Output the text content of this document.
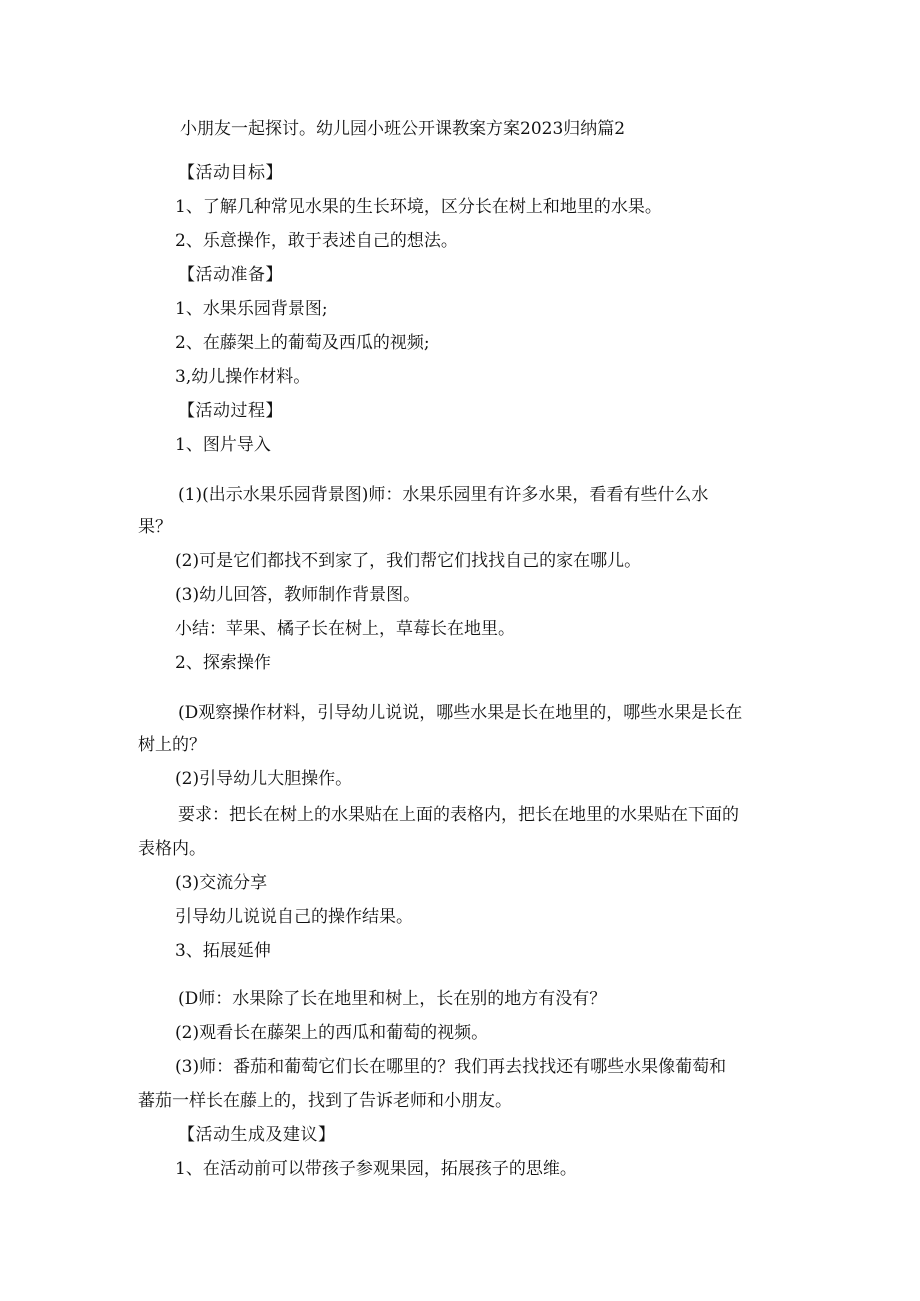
小朋友一起探讨。幼儿园小班公开课教案方案2023归纳篇2

【活动目标】

1、了解几种常见水果的生长环境，区分长在树上和地里的水果。

2、乐意操作，敢于表述自己的想法。

【活动准备】

1、水果乐园背景图;

2、在藤架上的葡萄及西瓜的视频;

3,幼儿操作材料。

【活动过程】

1、图片导入

(1)(出示水果乐园背景图)师：水果乐园里有许多水果，看看有些什么水

果？

(2)可是它们都找不到家了，我们帮它们找找自己的家在哪儿。

(3)幼儿回答，教师制作背景图。

小结：苹果、橘子长在树上，草莓长在地里。

2、探索操作

(D观察操作材料，引导幼儿说说，哪些水果是长在地里的，哪些水果是长在

树上的？

(2)引导幼儿大胆操作。

要求：把长在树上的水果贴在上面的表格内，把长在地里的水果贴在下面的

表格内。

(3)交流分享

引导幼儿说说自己的操作结果。

3、拓展延伸

(D师：水果除了长在地里和树上，长在别的地方有没有？

(2)观看长在藤架上的西瓜和葡萄的视频。

(3)师：番茄和葡萄它们长在哪里的？我们再去找找还有哪些水果像葡萄和

蕃茄一样长在藤上的，找到了告诉老师和小朋友。

【活动生成及建议】

1、在活动前可以带孩子参观果园，拓展孩子的思维。
